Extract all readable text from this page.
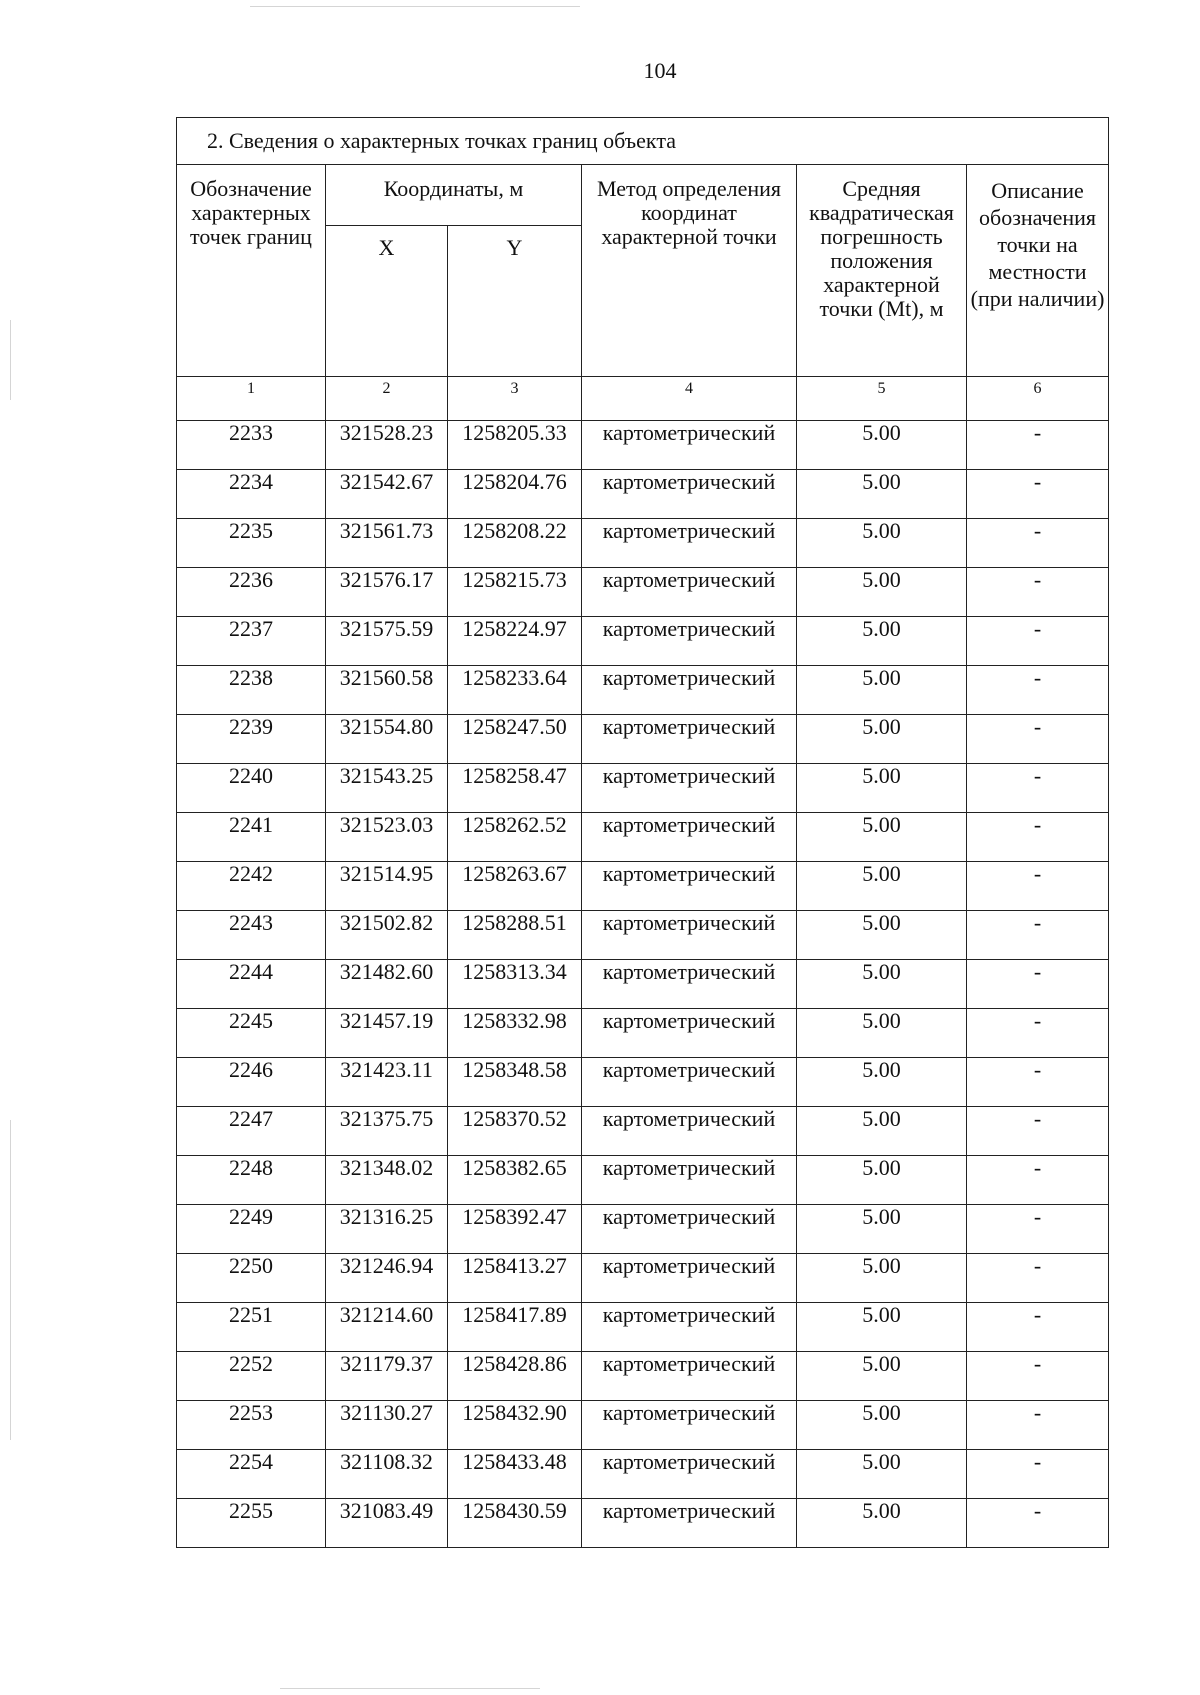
104
2. Сведения о характерных точках границ объекта					
Обозначение характерных точек границ	Координаты, м		Метод определения координат характерной точки	Средняя квадратическая погрешность положения характерной точки (Mt), м	Описание обозначения точки на местности (при наличии)
	X	Y			
1	2	3	4	5	6
2233	321528.23	1258205.33	картометрический	5.00	-
2234	321542.67	1258204.76	картометрический	5.00	-
2235	321561.73	1258208.22	картометрический	5.00	-
2236	321576.17	1258215.73	картометрический	5.00	-
2237	321575.59	1258224.97	картометрический	5.00	-
2238	321560.58	1258233.64	картометрический	5.00	-
2239	321554.80	1258247.50	картометрический	5.00	-
2240	321543.25	1258258.47	картометрический	5.00	-
2241	321523.03	1258262.52	картометрический	5.00	-
2242	321514.95	1258263.67	картометрический	5.00	-
2243	321502.82	1258288.51	картометрический	5.00	-
2244	321482.60	1258313.34	картометрический	5.00	-
2245	321457.19	1258332.98	картометрический	5.00	-
2246	321423.11	1258348.58	картометрический	5.00	-
2247	321375.75	1258370.52	картометрический	5.00	-
2248	321348.02	1258382.65	картометрический	5.00	-
2249	321316.25	1258392.47	картометрический	5.00	-
2250	321246.94	1258413.27	картометрический	5.00	-
2251	321214.60	1258417.89	картометрический	5.00	-
2252	321179.37	1258428.86	картометрический	5.00	-
2253	321130.27	1258432.90	картометрический	5.00	-
2254	321108.32	1258433.48	картометрический	5.00	-
2255	321083.49	1258430.59	картометрический	5.00	-
